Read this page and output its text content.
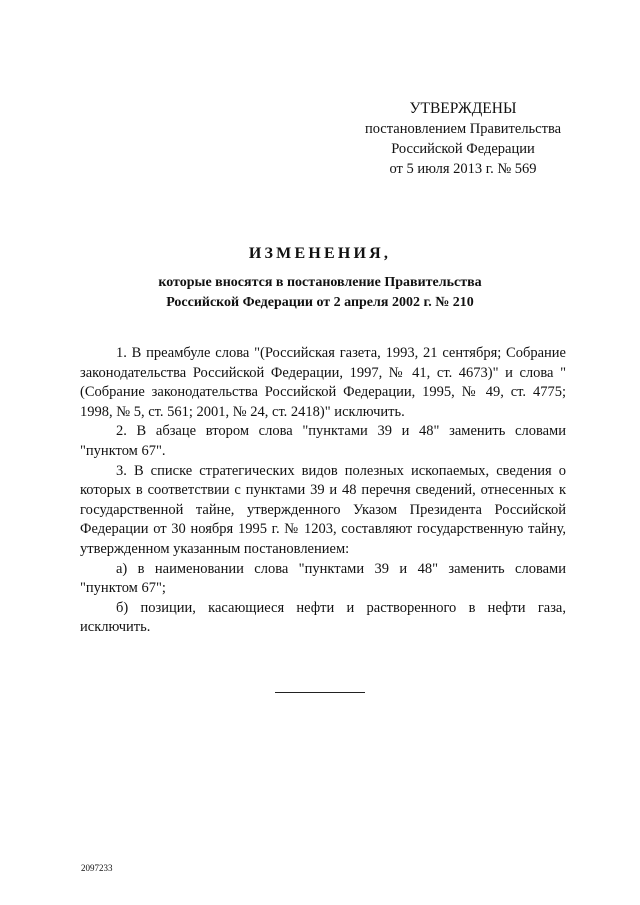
УТВЕРЖДЕНЫ
постановлением Правительства
Российской Федерации
от 5 июля 2013 г. № 569
ИЗМЕНЕНИЯ,
которые вносятся в постановление Правительства
Российской Федерации от 2 апреля 2002 г. № 210

1. В преамбуле слова "(Российская газета, 1993, 21 сентября; Собрание законодательства Российской Федерации, 1997, № 41, ст. 4673)" и слова "(Собрание законодательства Российской Федерации, 1995, № 49, ст. 4775; 1998, № 5, ст. 561; 2001, № 24, ст. 2418)" исключить.

2. В абзаце втором слова "пунктами 39 и 48" заменить словами "пунктом 67".

3. В списке стратегических видов полезных ископаемых, сведения о которых в соответствии с пунктами 39 и 48 перечня сведений, отнесенных к государственной тайне, утвержденного Указом Президента Российской Федерации от 30 ноября 1995 г. № 1203, составляют государственную тайну, утвержденном указанным постановлением:

а) в наименовании слова "пунктами 39 и 48" заменить словами "пунктом 67";

б) позиции, касающиеся нефти и растворенного в нефти газа, исключить.

2097233
